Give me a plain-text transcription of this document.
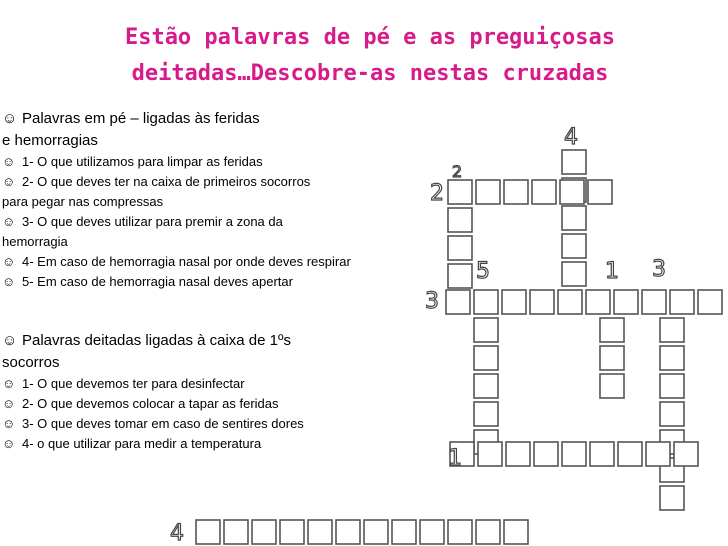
Estão palavras de pé e as preguiçosas
deitadas…Descobre-as nestas cruzadas
☺ Palavras em pé – ligadas às feridas
e hemorragias
☺ 1- O que utilizamos para limpar as feridas
☺ 2- O que deves ter na caixa de primeiros socorros
para pegar nas compressas
☺ 3- O que deves utilizar para premir a zona da
hemorragia
☺ 4- Em caso de hemorragia nasal por onde deves respirar
☺ 5- Em caso de hemorragia nasal deves apertar
☺ Palavras deitadas ligadas à caixa de 1ºs
socorros
☺ 1- O que devemos ter para desinfectar
☺ 2- O que devemos colocar a tapar as feridas
☺ 3- O que deves tomar em caso de sentires dores
☺ 4- o que utilizar para medir a temperatura
4
2
2
5	1 3
3
1
4
